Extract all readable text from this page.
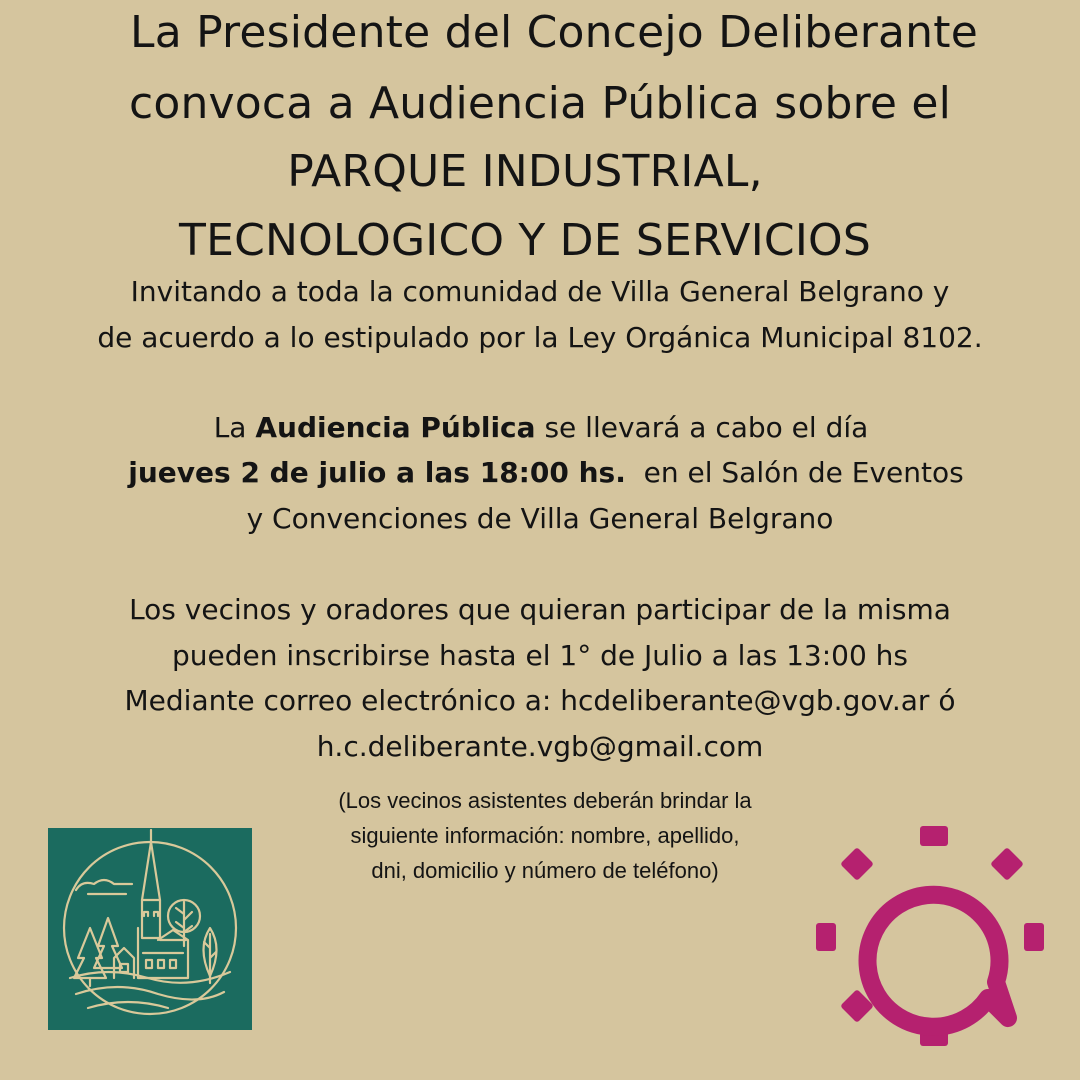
La Presidente del Concejo Deliberante
convoca a Audiencia Pública sobre el
PARQUE INDUSTRIAL,
TECNOLOGICO Y DE SERVICIOS

Invitando a toda la comunidad de Villa General Belgrano y

de acuerdo a lo estipulado por la Ley Orgánica Municipal 8102.

La Audiencia Pública se llevará a cabo el día

jueves 2 de julio a las 18:00 hs.  en el Salón de Eventos

y Convenciones de Villa General Belgrano

Los vecinos y oradores que quieran participar de la misma

pueden inscribirse hasta el 1° de Julio a las 13:00 hs

Mediante correo electrónico a: hcdeliberante@vgb.gov.ar ó

h.c.deliberante.vgb@gmail.com

(Los vecinos asistentes deberán brindar la

siguiente información: nombre, apellido,

dni, domicilio y número de teléfono)
